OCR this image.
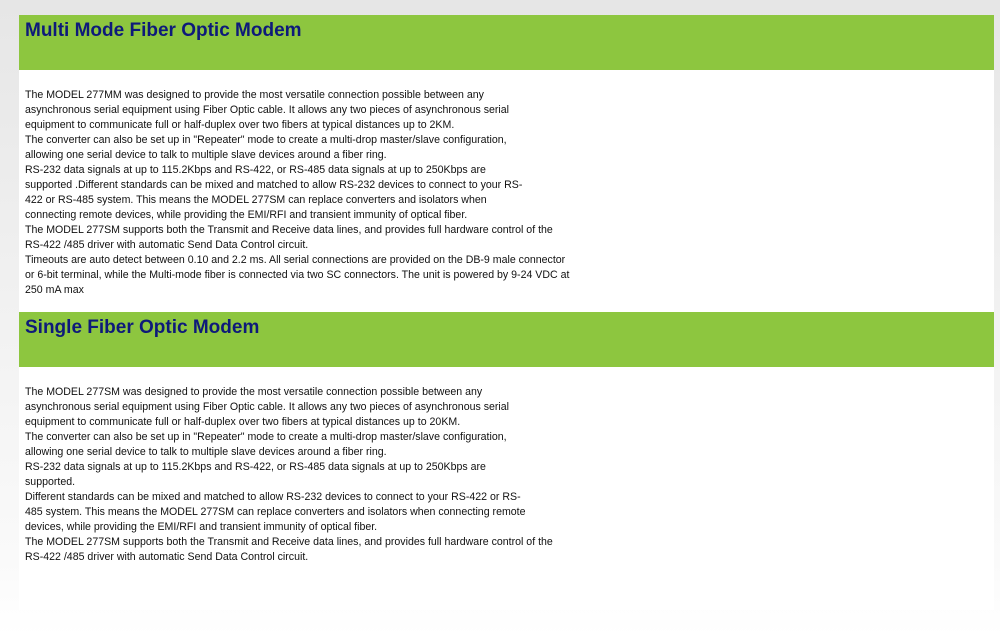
Multi Mode Fiber Optic Modem

The MODEL 277MM was designed to provide the most versatile connection possible between any

asynchronous serial equipment using Fiber Optic cable. It allows any two pieces of asynchronous serial

equipment to communicate full or half-duplex over two fibers at typical distances up to 2KM.

The converter can also be set up in "Repeater" mode to create a multi-drop master/slave configuration,

allowing one serial device to talk to multiple slave devices around a fiber ring.

RS-232 data signals at up to 115.2Kbps and RS-422, or RS-485 data signals at up to 250Kbps are

supported .Different standards can be mixed and matched to allow RS-232 devices to connect to your RS-

422 or RS-485 system. This means the MODEL 277SM can replace converters and isolators when

connecting remote devices, while providing the EMI/RFI and transient immunity of optical fiber.

The MODEL 277SM supports both the Transmit and Receive data lines, and provides full hardware control of the

RS-422 /485 driver with automatic Send Data Control circuit.

Timeouts are auto detect between 0.10 and 2.2 ms. All serial connections are provided on the DB-9 male connector

or 6-bit terminal, while the Multi-mode fiber is connected via two SC connectors. The unit is powered by 9-24 VDC at

250 mA max

Single Fiber Optic Modem

The MODEL 277SM was designed to provide the most versatile connection possible between any

asynchronous serial equipment using Fiber Optic cable. It allows any two pieces of asynchronous serial

equipment to communicate full or half-duplex over two fibers at typical distances up to 20KM.

The converter can also be set up in "Repeater" mode to create a multi-drop master/slave configuration,

allowing one serial device to talk to multiple slave devices around a fiber ring.

RS-232 data signals at up to 115.2Kbps and RS-422, or RS-485 data signals at up to 250Kbps are

supported.

Different standards can be mixed and matched to allow RS-232 devices to connect to your RS-422 or RS-

485 system. This means the MODEL 277SM can replace converters and isolators when connecting remote

devices, while providing the EMI/RFI and transient immunity of optical fiber.

The MODEL 277SM supports both the Transmit and Receive data lines, and provides full hardware control of the

RS-422 /485 driver with automatic Send Data Control circuit.
